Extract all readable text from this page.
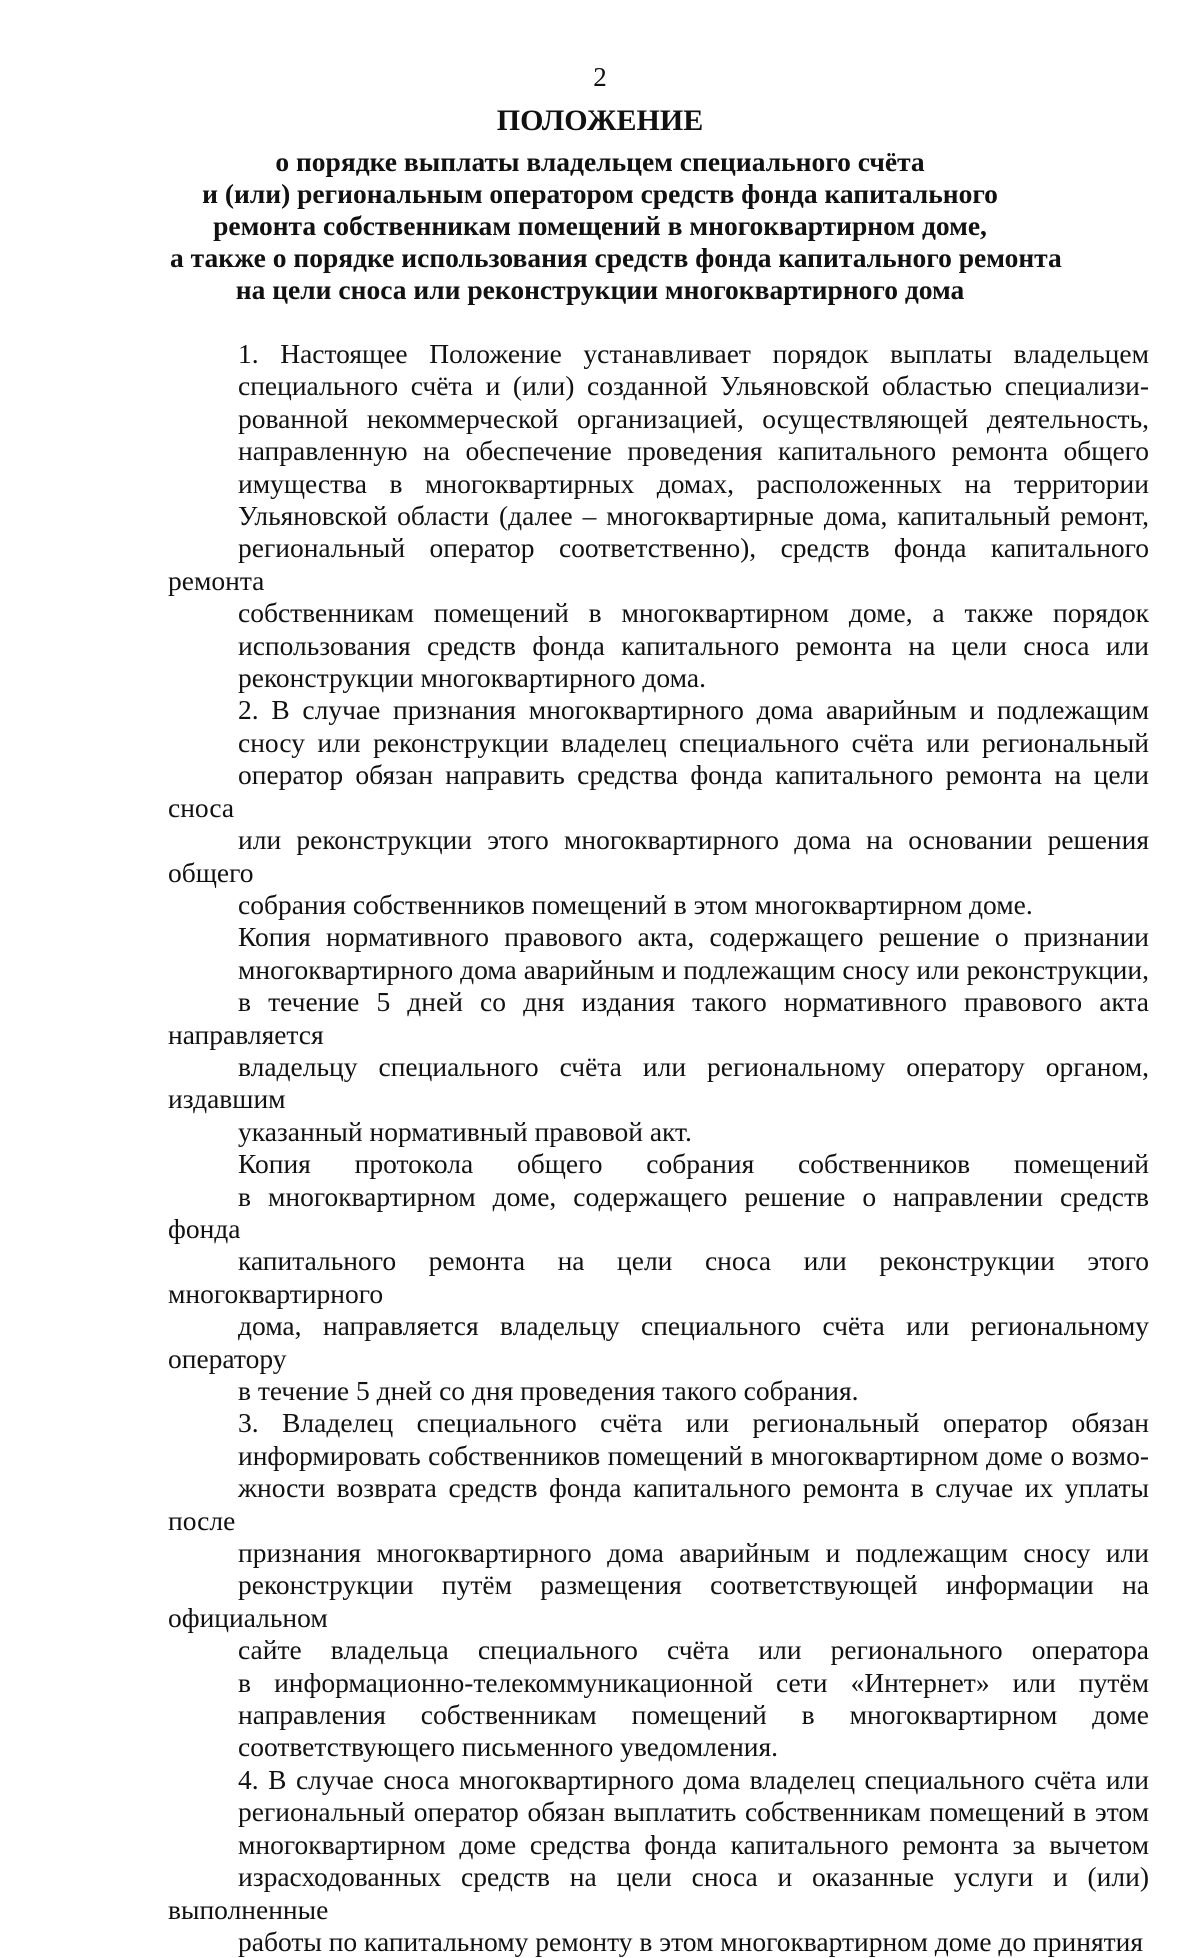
2
ПОЛОЖЕНИЕ
о порядке выплаты владельцем специального счёта
и (или) региональным оператором средств фонда капитального
ремонта собственникам помещений в многоквартирном доме,
а также о порядке использования средств фонда капитального ремонта
на цели сноса или реконструкции многоквартирного дома

1. Настоящее Положение устанавливает порядок выплаты владельцем
специального счёта и (или) созданной Ульяновской областью специализи-
рованной некоммерческой организацией, осуществляющей деятельность,
направленную на обеспечение проведения капитального ремонта общего
имущества в многоквартирных домах, расположенных на территории
Ульяновской области (далее – многоквартирные дома, капитальный ремонт,
региональный оператор соответственно), средств фонда капитального ремонта
собственникам помещений в многоквартирном доме, а также порядок
использования средств фонда капитального ремонта на цели сноса или
реконструкции многоквартирного дома.

2. В случае признания многоквартирного дома аварийным и подлежащим
сносу или реконструкции владелец специального счёта или региональный
оператор обязан направить средства фонда капитального ремонта на цели сноса
или реконструкции этого многоквартирного дома на основании решения общего
собрания собственников помещений в этом многоквартирном доме.

Копия нормативного правового акта, содержащего решение о признании
многоквартирного дома аварийным и подлежащим сносу или реконструкции,
в течение 5 дней со дня издания такого нормативного правового акта направляется
владельцу специального счёта или региональному оператору органом, издавшим
указанный нормативный правовой акт.

Копия протокола общего собрания собственников помещений
в многоквартирном доме, содержащего решение о направлении средств фонда
капитального ремонта на цели сноса или реконструкции этого многоквартирного
дома, направляется владельцу специального счёта или региональному оператору
в течение 5 дней со дня проведения такого собрания.

3. Владелец специального счёта или региональный оператор обязан
информировать собственников помещений в многоквартирном доме о возмо-
жности возврата средств фонда капитального ремонта в случае их уплаты после
признания многоквартирного дома аварийным и подлежащим сносу или
реконструкции путём размещения соответствующей информации на официальном
сайте владельца специального счёта или регионального оператора
в информационно-телекоммуникационной сети «Интернет» или путём
направления собственникам помещений в многоквартирном доме
соответствующего письменного уведомления.

4. В случае сноса многоквартирного дома владелец специального счёта или
региональный оператор обязан выплатить собственникам помещений в этом
многоквартирном доме средства фонда капитального ремонта за вычетом
израсходованных средств на цели сноса и оказанные услуги и (или) выполненные
работы по капитальному ремонту в этом многоквартирном доме до принятия
